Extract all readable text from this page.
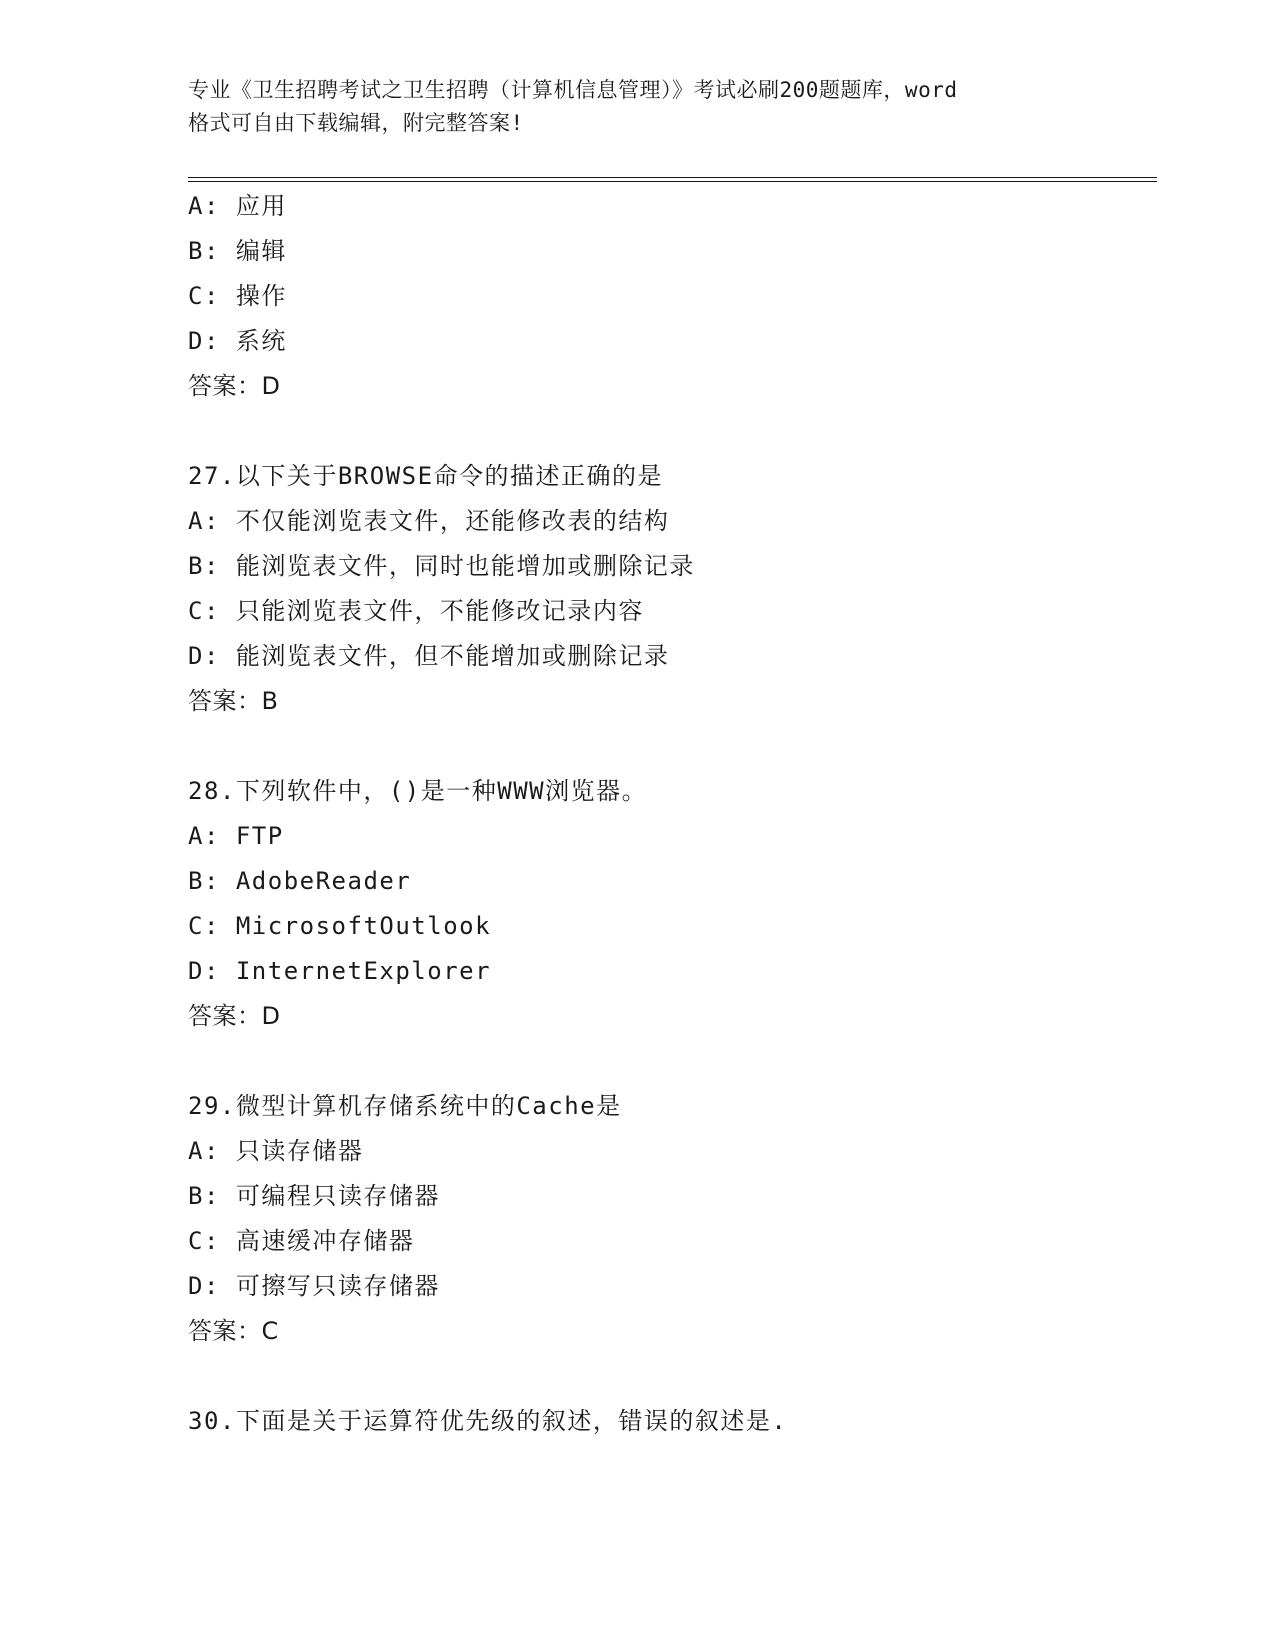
专业《卫生招聘考试之卫生招聘（计算机信息管理）》考试必刷200题题库，word
格式可自由下载编辑，附完整答案!
A: 应用
B: 编辑
C: 操作
D: 系统
答案：D
27.以下关于BROWSE命令的描述正确的是
A: 不仅能浏览表文件，还能修改表的结构
B: 能浏览表文件，同时也能增加或删除记录
C: 只能浏览表文件，不能修改记录内容
D: 能浏览表文件，但不能增加或删除记录
答案：B
28.下列软件中，()是一种WWW浏览器。
A: FTP
B: AdobeReader
C: MicrosoftOutlook
D: InternetExplorer
答案：D
29.微型计算机存储系统中的Cache是
A: 只读存储器
B: 可编程只读存储器
C: 高速缓冲存储器
D: 可擦写只读存储器
答案：C
30.下面是关于运算符优先级的叙述，错误的叙述是.
